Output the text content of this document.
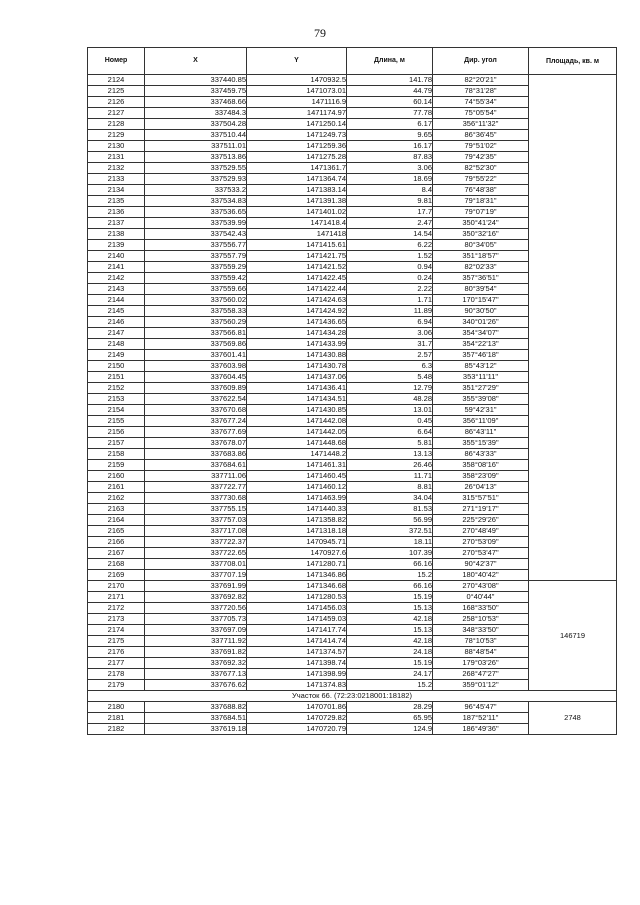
79
Номер	X	Y	Длина, м	Дир. угол	Площадь, кв. м
2124	337440.85	1470932.5	141.78	82°20'21"	
2125	337459.75	1471073.01	44.79	78°31'28"	
2126	337468.66	1471116.9	60.14	74°55'34"	
2127	337484.3	1471174.97	77.78	75°05'54"	
2128	337504.28	1471250.14	6.17	356°11'32"	
2129	337510.44	1471249.73	9.65	86°36'45"	
2130	337511.01	1471259.36	16.17	79°51'02"	
2131	337513.86	1471275.28	87.83	79°42'35"	
2132	337529.55	1471361.7	3.06	82°52'30"	
2133	337529.93	1471364.74	18.69	79°55'22"	
2134	337533.2	1471383.14	8.4	76°48'38"	
2135	337534.83	1471391.38	9.81	79°18'31"	
2136	337536.65	1471401.02	17.7	79°07'19"	
2137	337539.99	1471418.4	2.47	350°41'24"	
2138	337542.43	1471418	14.54	350°32'16"	
2139	337556.77	1471415.61	6.22	80°34'05"	
2140	337557.79	1471421.75	1.52	351°18'57"	
2141	337559.29	1471421.52	0.94	82°02'33"	
2142	337559.42	1471422.45	0.24	357°36'51"	
2143	337559.66	1471422.44	2.22	80°39'54"	
2144	337560.02	1471424.63	1.71	170°15'47"	
2145	337558.33	1471424.92	11.89	90°30'50"	
2146	337560.29	1471436.65	6.94	340°01'26"	
2147	337566.81	1471434.28	3.06	354°34'07"	
2148	337569.86	1471433.99	31.7	354°22'13"	
2149	337601.41	1471430.88	2.57	357°46'18"	
2150	337603.98	1471430.78	6.3	85°43'12"	
2151	337604.45	1471437.06	5.48	353°11'11"	
2152	337609.89	1471436.41	12.79	351°27'29"	
2153	337622.54	1471434.51	48.28	355°39'08"	
2154	337670.68	1471430.85	13.01	59°42'31"	
2155	337677.24	1471442.08	0.45	356°11'09"	
2156	337677.69	1471442.05	6.64	86°43'11"	
2157	337678.07	1471448.68	5.81	355°15'39"	
2158	337683.86	1471448.2	13.13	86°43'33"	
2159	337684.61	1471461.31	26.46	358°08'16"	
2160	337711.06	1471460.45	11.71	358°23'09"	
2161	337722.77	1471460.12	8.81	26°04'13"	
2162	337730.68	1471463.99	34.04	315°57'51"	
2163	337755.15	1471440.33	81.53	271°19'17"	
2164	337757.03	1471358.82	56.99	225°29'26"	
2165	337717.08	1471318.18	372.51	270°48'49"	
2166	337722.37	1470945.71	18.11	270°53'09"	
2167	337722.65	1470927.6	107.39	270°53'47"	
2168	337708.01	1471280.71	66.16	90°42'37"	
2169	337707.19	1471346.86	15.2	180°40'42"	
2170	337691.99	1471346.68	66.16	270°43'08"	146719
2171	337692.82	1471280.53	15.19	0°40'44"	
2172	337720.56	1471456.03	15.13	168°33'50"	
2173	337705.73	1471459.03	42.18	258°10'53"	
2174	337697.09	1471417.74	15.13	348°33'50"	
2175	337711.92	1471414.74	42.18	78°10'53"	
2176	337691.82	1471374.57	24.18	88°48'54"	
2177	337692.32	1471398.74	15.19	179°03'26"	
2178	337677.13	1471398.99	24.17	268°47'27"	
2179	337676.62	1471374.83	15.2	359°01'12"	
Участок 66. (72:23:0218001:18182)					
2180	337688.82	1470701.86	28.29	96°45'47"	2748
2181	337684.51	1470729.82	65.95	187°52'11"	
2182	337619.18	1470720.79	124.9	186°49'36"	
